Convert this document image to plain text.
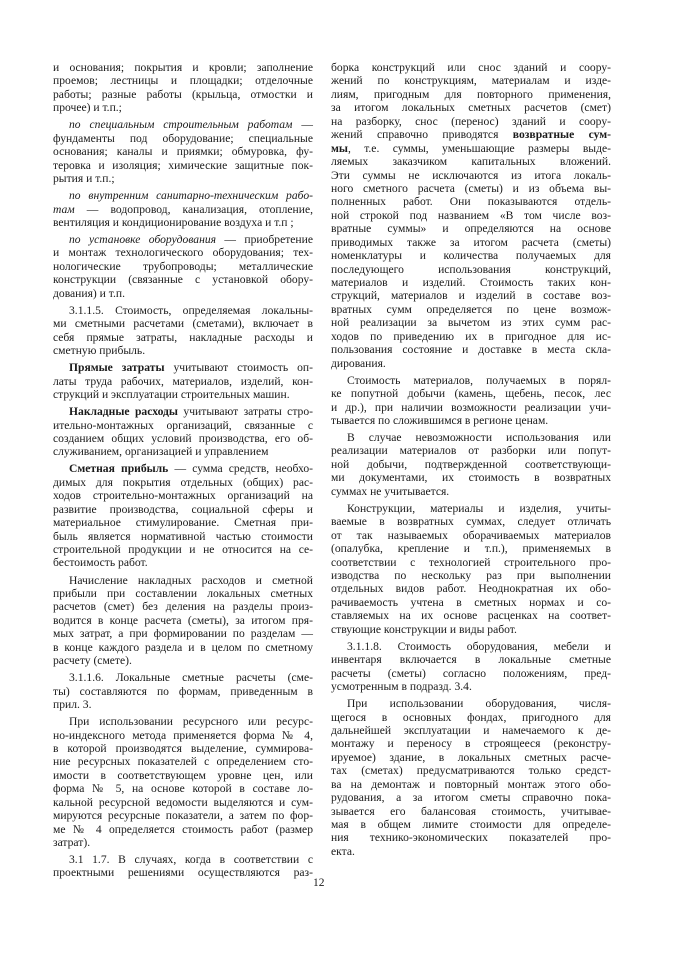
и основания; покрытия и кровли; заполнение
проемов; лестницы и площадки; отделочные
работы; разные работы (крыльца, отмостки и
прочее) и т.п.;
по специальным строительным работам —
фундаменты под оборудование; специальные
основания; каналы и приямки; обмуровка, фу-
теровка и изоляция; химические защитные пок-
рытия и т.п.;
по внутренним санитарно-техническим рабо-
там — водопровод, канализация, отопление,
вентиляция и кондиционирование воздуха и т.п ;
по установке оборудования — приобретение
и монтаж технологического оборудования; тех-
нологические трубопроводы; металлические
конструкции (связанные с установкой обору-
дования) и т.п.
3.1.1.5. Стоимость, определяемая локальны-
ми сметными расчетами (сметами), включает в
себя прямые затраты, накладные расходы и
сметную прибыль.
Прямые затраты учитывают стоимость оп-
латы труда рабочих, материалов, изделий, кон-
струкций и эксплуатации строительных машин.
Накладные расходы учитывают затраты стро-
ительно-монтажных организаций, связанные с
созданием общих условий производства, его об-
служиванием, организацией и управлением
Сметная прибыль — сумма средств, необхо-
димых для покрытия отдельных (общих) рас-
ходов строительно-монтажных организаций на
развитие производства, социальной сферы и
материальное стимулирование. Сметная при-
быль является нормативной частью стоимости
строительной продукции и не относится на се-
бестоимость работ.
Начисление накладных расходов и сметной
прибыли при составлении локальных сметных
расчетов (смет) без деления на разделы произ-
водится в конце расчета (сметы), за итогом пря-
мых затрат, а при формировании по разделам —
в конце каждого раздела и в целом по сметному
расчету (смете).
3.1.1.6. Локальные сметные расчеты (сме-
ты) составляются по формам, приведенным в
прил. 3.
При использовании ресурсного или ресурс-
но-индексного метода применяется форма № 4,
в которой производятся выделение, суммирова-
ние ресурсных показателей с определением сто-
имости в соответствующем уровне цен, или
форма № 5, на основе которой в составе ло-
кальной ресурсной ведомости выделяются и сум-
мируются ресурсные показатели, а затем по фор-
ме № 4 определяется стоимость работ (размер
затрат).
3.1 1.7. В случаях, когда в соответствии с
проектными решениями осуществляются раз-
борка конструкций или снос зданий и соору-
жений по конструкциям, материалам и изде-
лиям, пригодным для повторного применения,
за итогом локальных сметных расчетов (смет)
на разборку, снос (перенос) зданий и соору-
жений справочно приводятся возвратные сум-
мы, т.е. суммы, уменьшающие размеры выде-
ляемых заказчиком капитальных вложений.
Эти суммы не исключаются из итога локаль-
ного сметного расчета (сметы) и из объема вы-
полненных работ. Они показываются отдель-
ной строкой под названием «В том числе воз-
вратные суммы» и определяются на основе
приводимых также за итогом расчета (сметы)
номенклатуры и количества получаемых для
последующего использования конструкций,
материалов и изделий. Стоимость таких кон-
струкций, материалов и изделий в составе воз-
вратных сумм определяется по цене возмож-
ной реализации за вычетом из этих сумм рас-
ходов по приведению их в пригодное для ис-
пользования состояние и доставке в места скла-
дирования.
Стоимость материалов, получаемых в порял-
ке попутной добычи (камень, щебень, песок, лес
и др.), при наличии возможности реализации учи-
тывается по сложившимся в регионе ценам.
В случае невозможности использования или
реализации материалов от разборки или попут-
ной добычи, подтвержденной соответствующи-
ми документами, их стоимость в возвратных
суммах не учитывается.
Конструкции, материалы и изделия, учиты-
ваемые в возвратных суммах, следует отличать
от так называемых оборачиваемых материалов
(опалубка, крепление и т.п.), применяемых в
соответствии с технологией строительного про-
изводства по нескольку раз при выполнении
отдельных видов работ. Неоднократная их обо-
рачиваемость учтена в сметных нормах и со-
ставляемых на их основе расценках на соответ-
ствующие конструкции и виды работ.
3.1.1.8. Стоимость оборудования, мебели и
инвентаря включается в локальные сметные
расчеты (сметы) согласно положениям, пред-
усмотренным в подразд. 3.4.
При использовании оборудования, числя-
щегося в основных фондах, пригодного для
дальнейшей эксплуатации и намечаемого к де-
монтажу и переносу в строящееся (реконстру-
ируемое) здание, в локальных сметных расче-
тах (сметах) предусматриваются только средст-
ва на демонтаж и повторный монтаж этого обо-
рудования, а за итогом сметы справочно пока-
зывается его балансовая стоимость, учитывае-
мая в общем лимите стоимости для определе-
ния технико-экономических показателей про-
екта.
12
